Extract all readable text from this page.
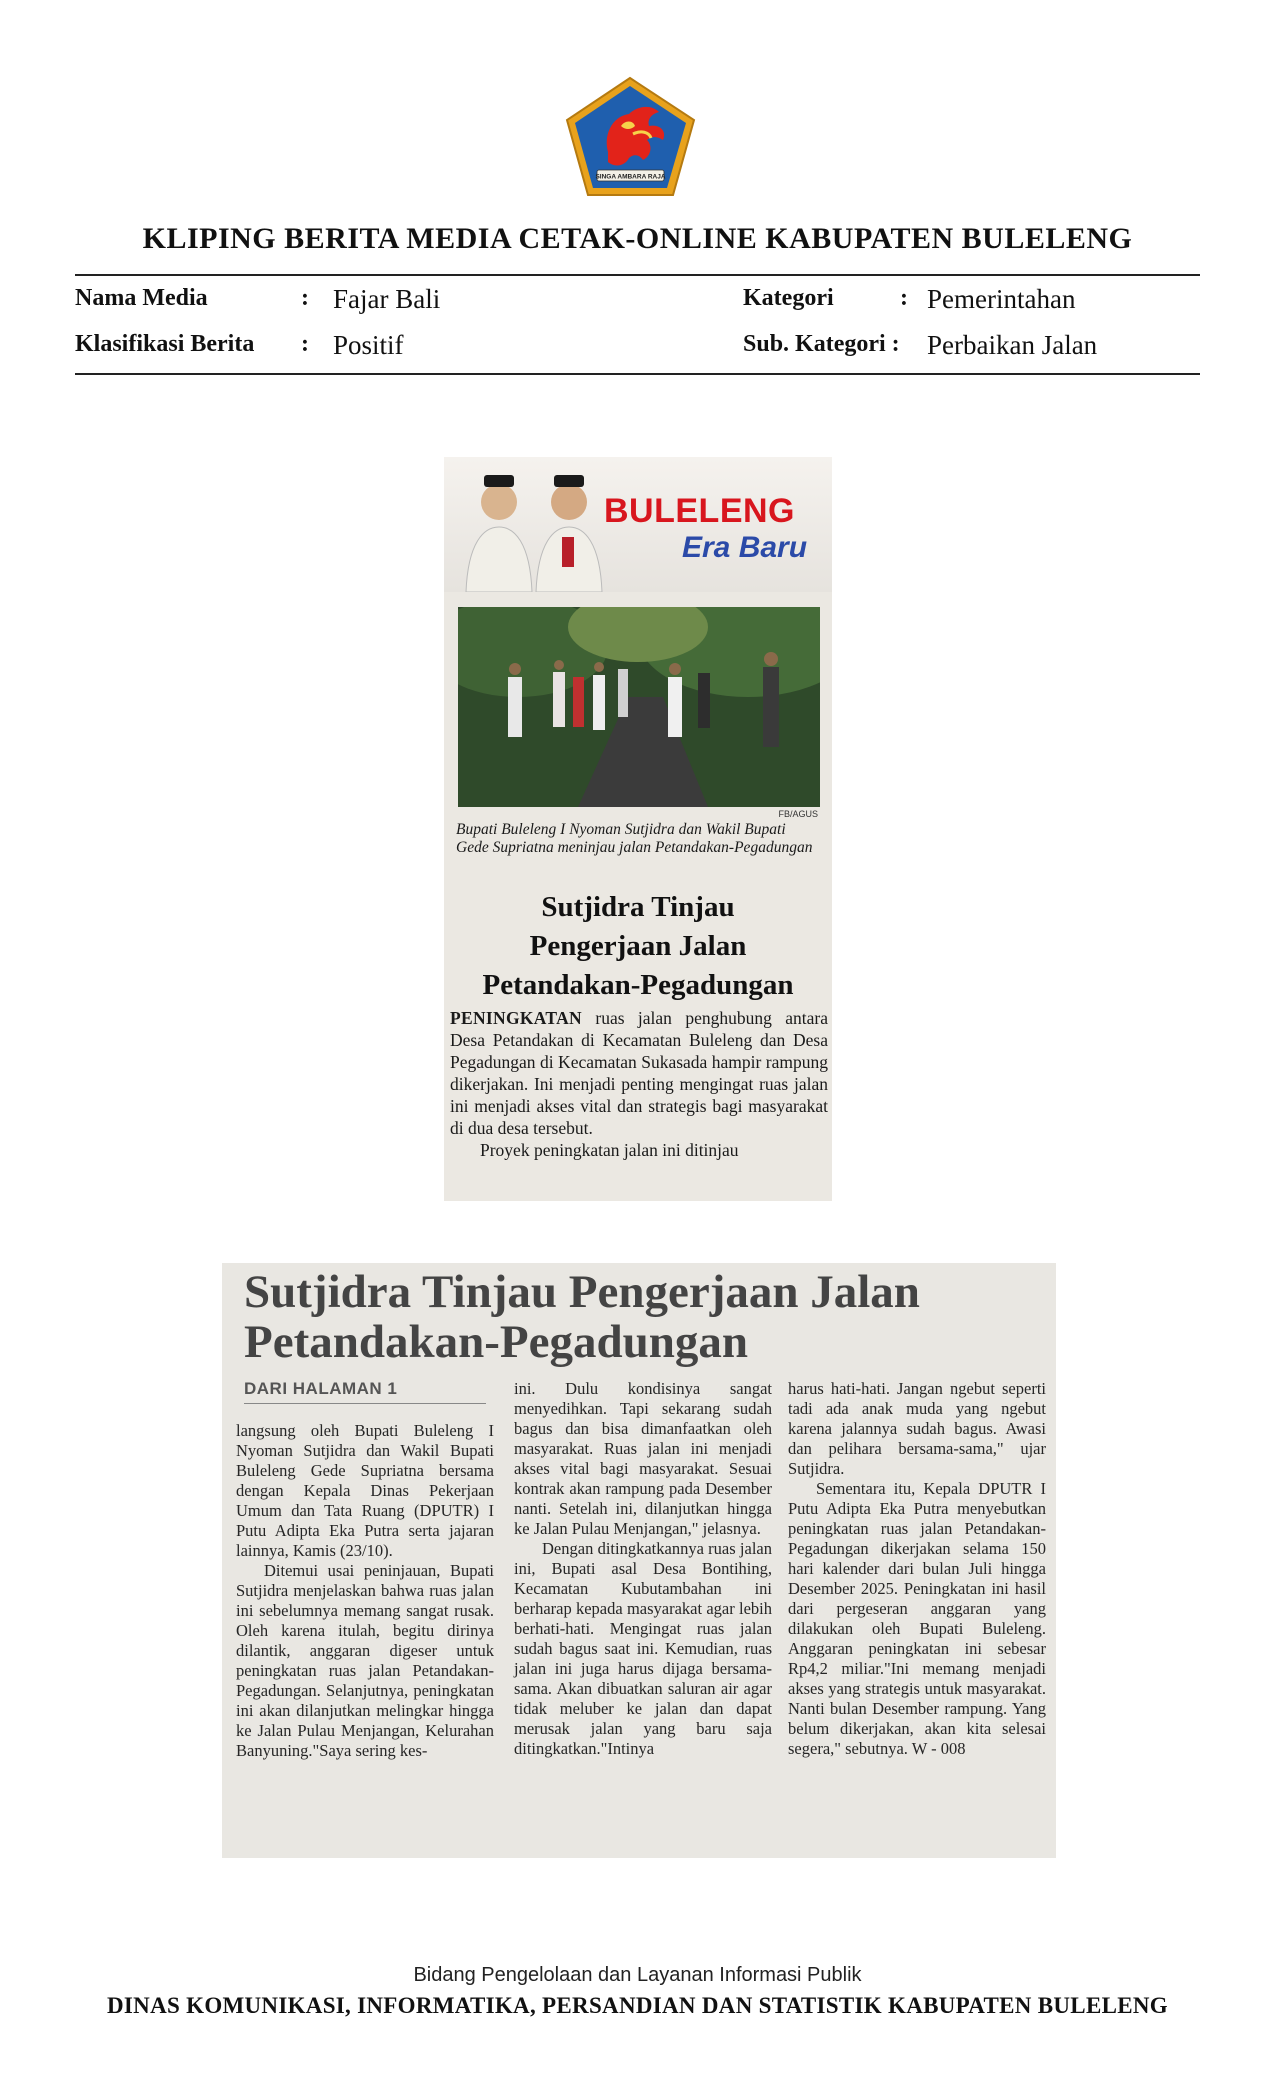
SINGA AMBARA RAJA
KLIPING BERITA MEDIA CETAK-ONLINE KABUPATEN BULELENG
Nama Media	: Fajar Bali
Klasifikasi Berita : Positif
Kategori	: Pemerintahan
Sub. Kategori : Perbaikan Jalan
BULELENG
Era Baru
FB/AGUS
Bupati Buleleng I Nyoman Sutjidra dan Wakil Bupati Gede Supriatna meninjau jalan Petandakan-Pegadungan
Sutjidra Tinjau
Pengerjaan Jalan
Petandakan-Pegadungan

PENINGKATAN ruas jalan penghubung antara Desa Petandakan di Kecamatan Buleleng dan Desa Pegadungan di Kecamatan Sukasada hampir rampung dikerjakan. Ini menjadi penting mengingat ruas jalan ini menjadi akses vital dan strategis bagi masyarakat di dua desa tersebut.

Proyek peningkatan jalan ini ditinjau

Sutjidra Tinjau Pengerjaan Jalan
Petandakan-Pegadungan
DARI HALAMAN 1

langsung oleh Bupati Buleleng I Nyoman Sutjidra dan Wakil Bupati Buleleng Gede Supriatna bersama dengan Kepala Dinas Pekerjaan Umum dan Tata Ruang (DPUTR) I Putu Adipta Eka Putra serta jajaran lainnya, Kamis (23/10).

Ditemui usai peninjauan, Bupati Sutjidra menjelaskan bahwa ruas jalan ini sebelumnya memang sangat rusak. Oleh karena itulah, begitu dirinya dilantik, anggaran digeser untuk peningkatan ruas jalan Petandakan-Pegadungan. Selanjutnya, peningkatan ini akan dilanjutkan melingkar hingga ke Jalan Pulau Menjangan, Kelurahan Banyuning."Saya sering kes-

ini. Dulu kondisinya sangat menyedihkan. Tapi sekarang sudah bagus dan bisa dimanfaatkan oleh masyarakat. Ruas jalan ini menjadi akses vital bagi masyarakat. Sesuai kontrak akan rampung pada Desember nanti. Setelah ini, dilanjutkan hingga ke Jalan Pulau Menjangan," jelasnya.

Dengan ditingkatkannya ruas jalan ini, Bupati asal Desa Bontihing, Kecamatan Kubutambahan ini berharap kepada masyarakat agar lebih berhati-hati. Mengingat ruas jalan sudah bagus saat ini. Kemudian, ruas jalan ini juga harus dijaga bersama-sama. Akan dibuatkan saluran air agar tidak meluber ke jalan dan dapat merusak jalan yang baru saja ditingkatkan."Intinya

harus hati-hati. Jangan ngebut seperti tadi ada anak muda yang ngebut karena jalannya sudah bagus. Awasi dan pelihara bersama-sama," ujar Sutjidra.

Sementara itu, Kepala DPUTR I Putu Adipta Eka Putra menyebutkan peningkatan ruas jalan Petandakan-Pegadungan dikerjakan selama 150 hari kalender dari bulan Juli hingga Desember 2025. Peningkatan ini hasil dari pergeseran anggaran yang dilakukan oleh Bupati Buleleng. Anggaran peningkatan ini sebesar Rp4,2 miliar."Ini memang menjadi akses yang strategis untuk masyarakat. Nanti bulan Desember rampung. Yang belum dikerjakan, akan kita selesai segera," sebutnya. W - 008

Bidang Pengelolaan dan Layanan Informasi Publik
DINAS KOMUNIKASI, INFORMATIKA, PERSANDIAN DAN STATISTIK KABUPATEN BULELENG
